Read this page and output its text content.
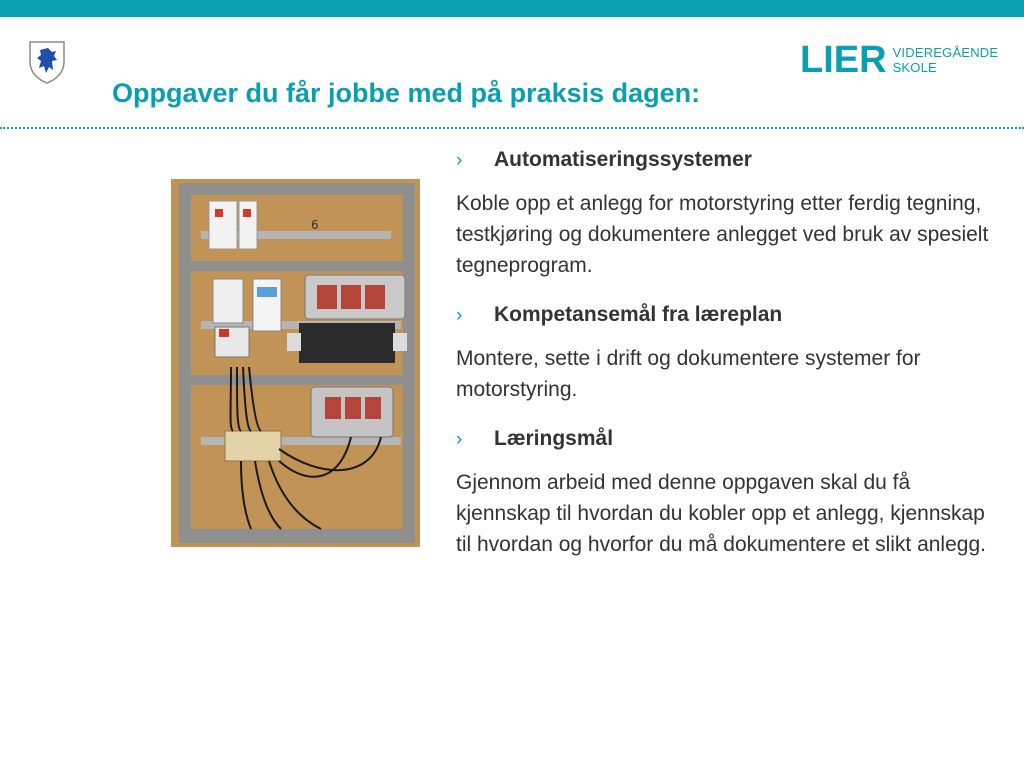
LIER VIDEREGÅENDE
SKOLE
Oppgaver du får jobbe med på praksis dagen:
6

›	Automatiseringssystemer

Koble opp et anlegg for motorstyring etter ferdig tegning, testkjøring og dokumentere anlegget ved bruk av spesielt tegneprogram.

›	Kompetansemål fra læreplan

Montere, sette i drift og dokumentere systemer for motorstyring.

›	Læringsmål

Gjennom arbeid med denne oppgaven skal du få kjennskap til hvordan du kobler opp et anlegg, kjennskap til hvordan og hvorfor du må dokumentere et slikt anlegg.
